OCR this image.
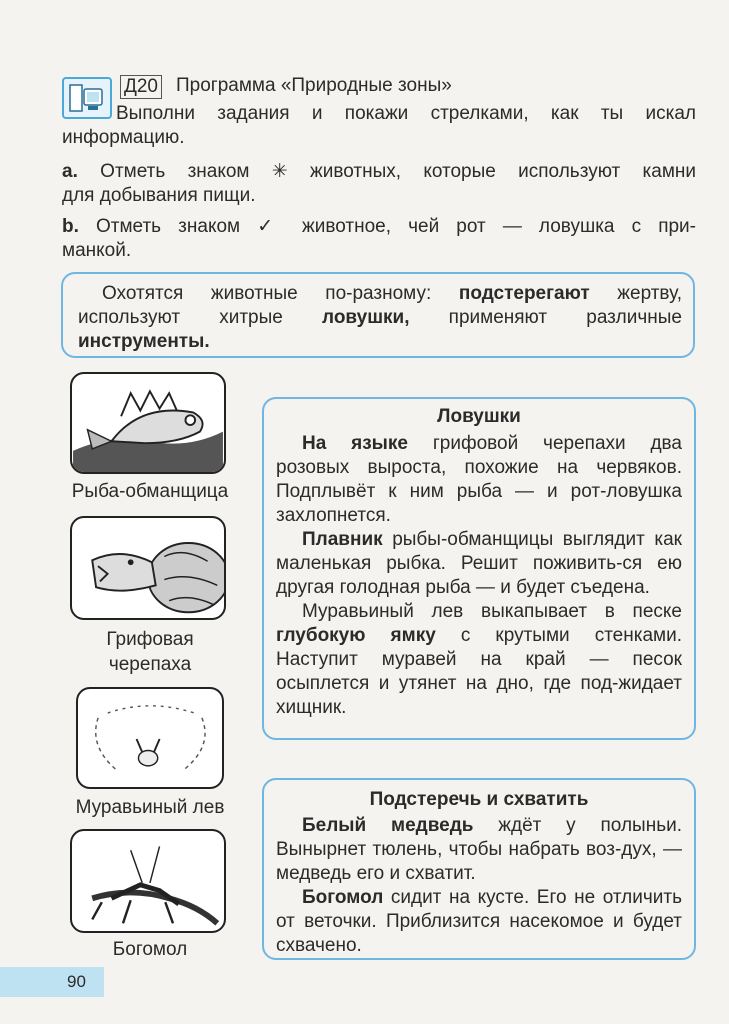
Д20 Программа «Природные зоны»
Выполни задания и покажи стрелками, как ты искал
информацию.
a. Отметь знаком ✳ животных, которые используют камни
для добывания пищи.
b. Отметь знаком ✓ животное, чей рот — ловушка с при-
манкой.
Охотятся животные по-разному: подстерегают жертву, используют хитрые ловушки, применяют различные инструменты.
Рыба-обманщица
Грифовая
черепаха
Муравьиный лев
Богомол
Ловушки

На языке грифовой черепахи два розовых выроста, похожие на червяков. Подплывёт к ним рыба — и рот-ловушка захлопнется.

Плавник рыбы-обманщицы выглядит как маленькая рыбка. Решит поживить-ся ею другая голодная рыба — и будет съедена.

Муравьиный лев выкапывает в песке глубокую ямку с крутыми стенками. Наступит муравей на край — песок осыплется и утянет на дно, где под-жидает хищник.

Подстеречь и схватить

Белый медведь ждёт у полыньи. Вынырнет тюлень, чтобы набрать воз-дух, — медведь его и схватит.

Богомол сидит на кусте. Его не отличить от веточки. Приблизится насекомое и будет схвачено.

90
